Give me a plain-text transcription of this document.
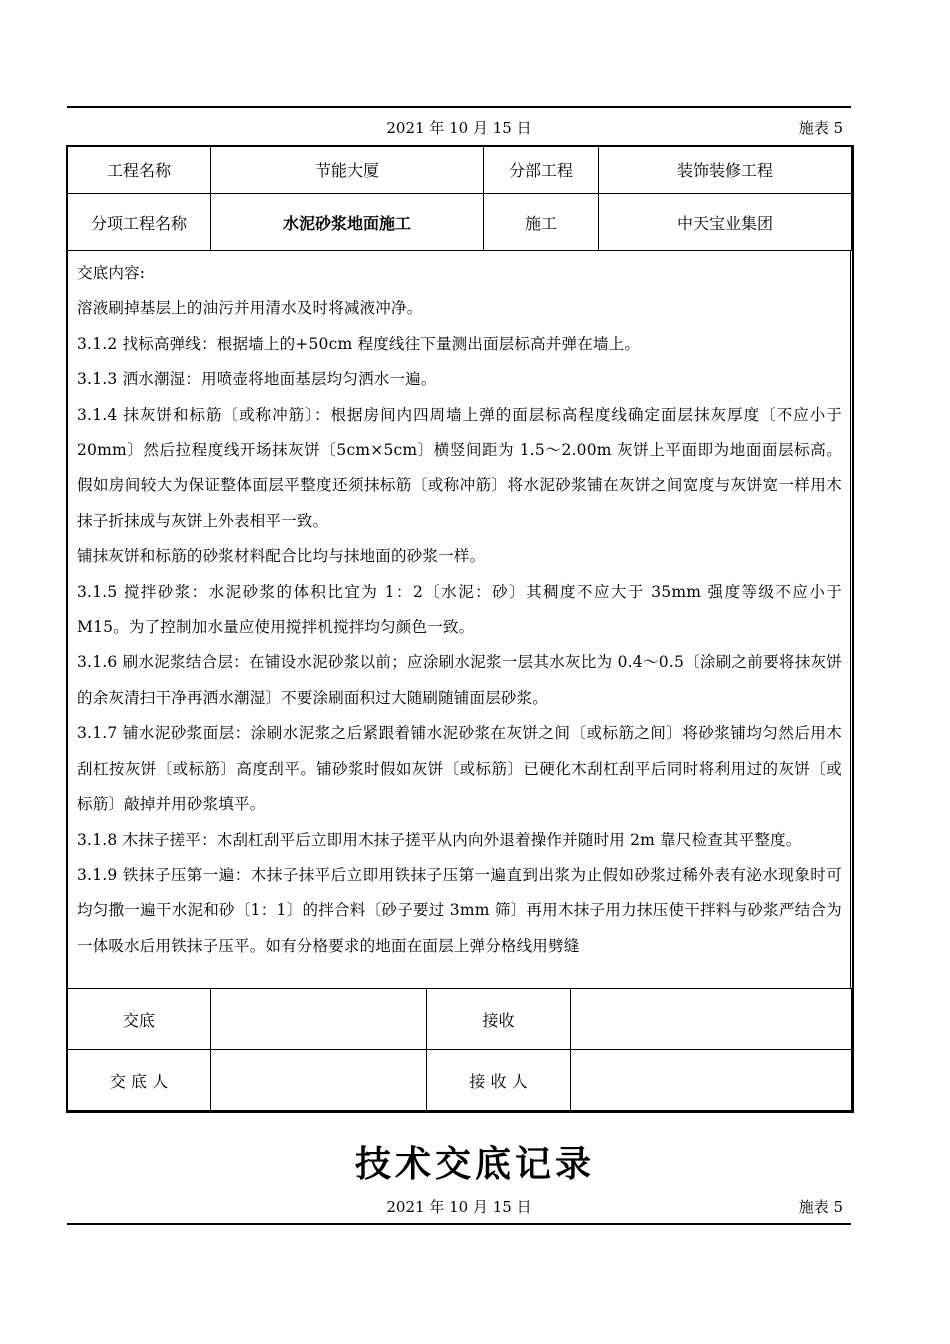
2021 年 10 月 15 日	施表 5
工程名称	节能大厦	分部工程	装饰装修工程
分项工程名称	水泥砂浆地面施工	施工	中天宝业集团

交底内容:

溶液刷掉基层上的油污并用清水及时将减液冲净。

3.1.2 找标高弹线：根据墙上的+50cm 程度线往下量测出面层标高并弹在墙上。

3.1.3 洒水潮湿：用喷壶将地面基层均匀洒水一遍。

3.1.4 抹灰饼和标筋〔或称冲筋〕：根据房间内四周墙上弹的面层标高程度线确定面层抹灰厚度〔不应小于 20mm〕然后拉程度线开场抹灰饼〔5cm×5cm〕横竖间距为 1.5～2.00m 灰饼上平面即为地面面层标高。假如房间较大为保证整体面层平整度还须抹标筋〔或称冲筋〕将水泥砂浆铺在灰饼之间宽度与灰饼宽一样用木抹子折抹成与灰饼上外表相平一致。

铺抹灰饼和标筋的砂浆材料配合比均与抹地面的砂浆一样。

3.1.5 搅拌砂浆：水泥砂浆的体积比宜为 1：2〔水泥：砂〕其稠度不应大于 35mm 强度等级不应小于 M15。为了控制加水量应使用搅拌机搅拌均匀颜色一致。

3.1.6 刷水泥浆结合层：在铺设水泥砂浆以前；应涂刷水泥浆一层其水灰比为 0.4～0.5〔涂刷之前要将抹灰饼的余灰清扫干净再洒水潮湿〕不要涂刷面积过大随刷随铺面层砂浆。

3.1.7 铺水泥砂浆面层：涂刷水泥浆之后紧跟着铺水泥砂浆在灰饼之间〔或标筋之间〕将砂浆铺均匀然后用木刮杠按灰饼〔或标筋〕高度刮平。铺砂浆时假如灰饼〔或标筋〕已硬化木刮杠刮平后同时将利用过的灰饼〔或标筋〕敲掉并用砂浆填平。

3.1.8 木抹子搓平：木刮杠刮平后立即用木抹子搓平从内向外退着操作并随时用 2m 靠尺检查其平整度。

3.1.9 铁抹子压第一遍：木抹子抹平后立即用铁抹子压第一遍直到出浆为止假如砂浆过稀外表有泌水现象时可均匀撒一遍干水泥和砂〔1：1〕的拌合料〔砂子要过 3mm 筛〕再用木抹子用力抹压使干拌料与砂浆严结合为一体吸水后用铁抹子压平。如有分格要求的地面在面层上弹分格线用劈缝

交底		接收	
交 底 人		接 收 人	
技术交底记录
2021 年 10 月 15 日	施表 5
